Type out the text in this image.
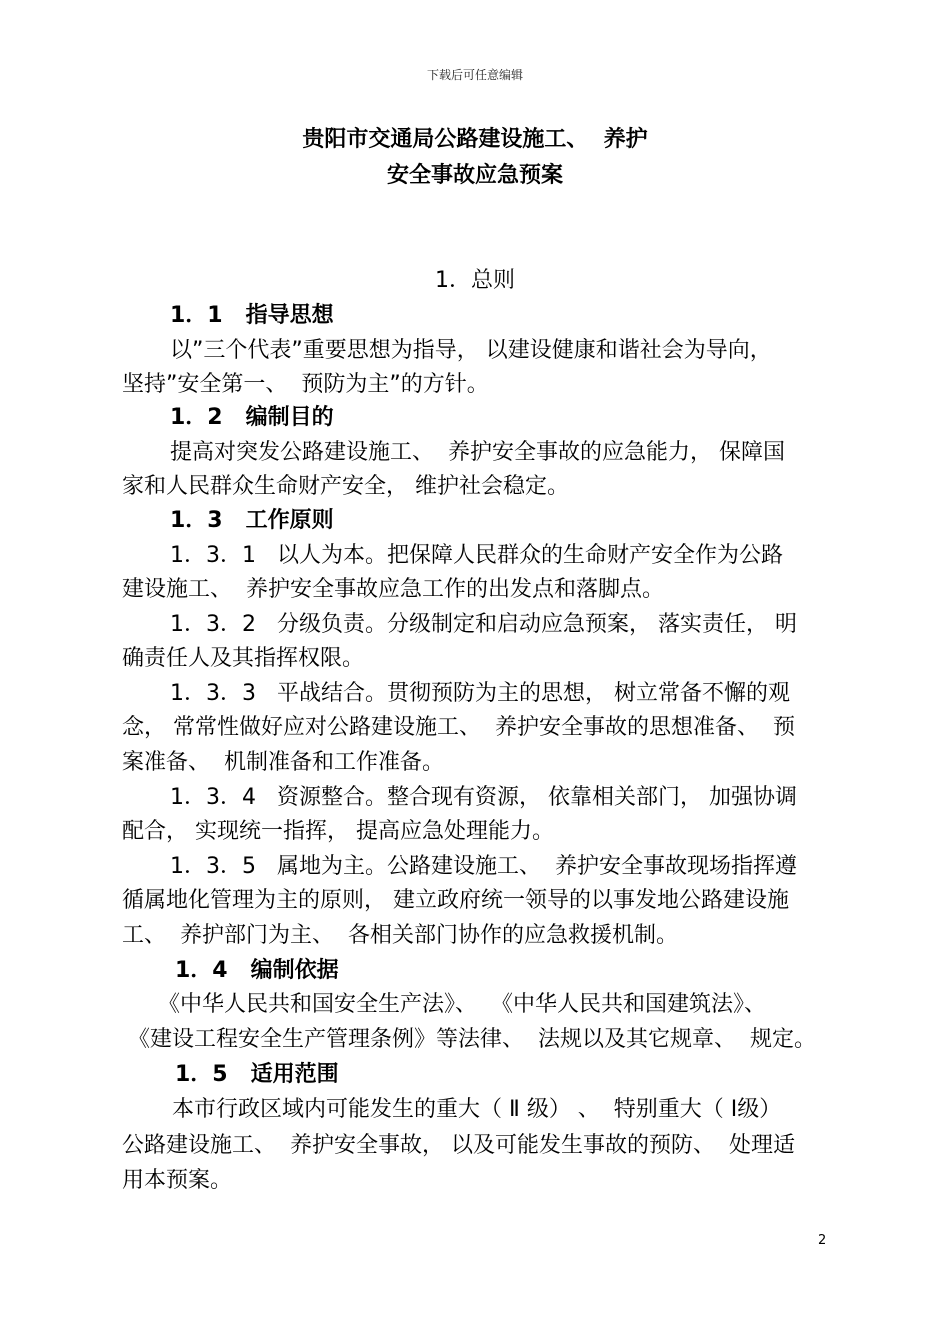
下载后可任意编辑
贵阳市交通局公路建设施工、  养护
安全事故应急预案
1．总则
1．1   指导思想
以”三个代表”重要思想为指导， 以建设健康和谐社会为导向，
坚持”安全第一、  预防为主”的方针。
1．2   编制目的
提高对突发公路建设施工、  养护安全事故的应急能力， 保障国
家和人民群众生命财产安全， 维护社会稳定。
1．3   工作原则
1．3．1   以人为本。把保障人民群众的生命财产安全作为公路
建设施工、  养护安全事故应急工作的出发点和落脚点。
1．3．2   分级负责。分级制定和启动应急预案， 落实责任， 明
确责任人及其指挥权限。
1．3．3   平战结合。贯彻预防为主的思想， 树立常备不懈的观
念， 常常性做好应对公路建设施工、  养护安全事故的思想准备、  预
案准备、  机制准备和工作准备。
1．3．4   资源整合。整合现有资源， 依靠相关部门， 加强协调
配合， 实现统一指挥， 提高应急处理能力。
1．3．5   属地为主。公路建设施工、  养护安全事故现场指挥遵
循属地化管理为主的原则， 建立政府统一领导的以事发地公路建设施
工、  养护部门为主、  各相关部门协作的应急救援机制。
1．4   编制依据
《中华人民共和国安全生产法》、  《中华人民共和国建筑法》、
《建设工程安全生产管理条例》等法律、  法规以及其它规章、  规定。
1．5   适用范围
本市行政区域内可能发生的重大（ Ⅱ 级） 、  特别重大（ Ⅰ级）
公路建设施工、  养护安全事故， 以及可能发生事故的预防、  处理适
用本预案。
2
